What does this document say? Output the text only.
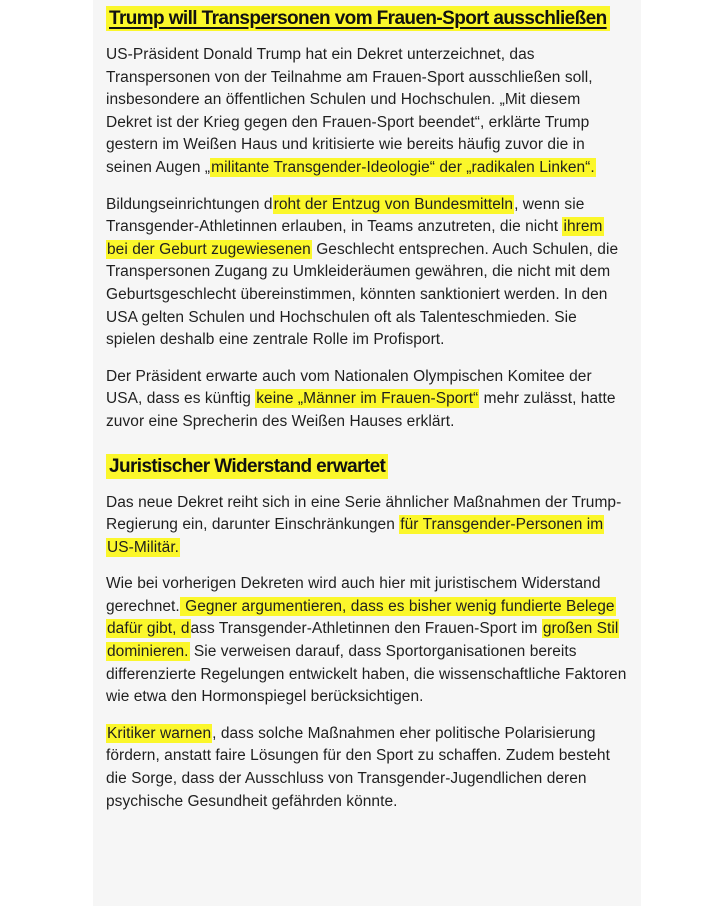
Trump will Transpersonen vom Frauen-Sport ausschließen

US-Präsident Donald Trump hat ein Dekret unterzeichnet, das Transpersonen von der Teilnahme am Frauen-Sport ausschließen soll, insbesondere an öffentlichen Schulen und Hochschulen. „Mit diesem Dekret ist der Krieg gegen den Frauen-Sport beendet“, erklärte Trump gestern im Weißen Haus und kritisierte wie bereits häufig zuvor die in seinen Augen „militante Transgender-Ideologie“ der „radikalen Linken“.

Bildungseinrichtungen droht der Entzug von Bundesmitteln, wenn sie Transgender-Athletinnen erlauben, in Teams anzutreten, die nicht ihrem bei der Geburt zugewiesenen Geschlecht entsprechen. Auch Schulen, die Transpersonen Zugang zu Umkleideräumen gewähren, die nicht mit dem Geburtsgeschlecht übereinstimmen, könnten sanktioniert werden. In den USA gelten Schulen und Hochschulen oft als Talenteschmieden. Sie spielen deshalb eine zentrale Rolle im Profisport.

Der Präsident erwarte auch vom Nationalen Olympischen Komitee der USA, dass es künftig keine „Männer im Frauen-Sport“ mehr zulässt, hatte zuvor eine Sprecherin des Weißen Hauses erklärt.

Juristischer Widerstand erwartet

Das neue Dekret reiht sich in eine Serie ähnlicher Maßnahmen der Trump-Regierung ein, darunter Einschränkungen für Transgender-Personen im US-Militär.

Wie bei vorherigen Dekreten wird auch hier mit juristischem Widerstand gerechnet. Gegner argumentieren, dass es bisher wenig fundierte Belege dafür gibt, dass Transgender-Athletinnen den Frauen-Sport im großen Stil dominieren. Sie verweisen darauf, dass Sportorganisationen bereits differenzierte Regelungen entwickelt haben, die wissenschaftliche Faktoren wie etwa den Hormonspiegel berücksichtigen.

Kritiker warnen, dass solche Maßnahmen eher politische Polarisierung fördern, anstatt faire Lösungen für den Sport zu schaffen. Zudem besteht die Sorge, dass der Ausschluss von Transgender-Jugendlichen deren psychische Gesundheit gefährden könnte.
